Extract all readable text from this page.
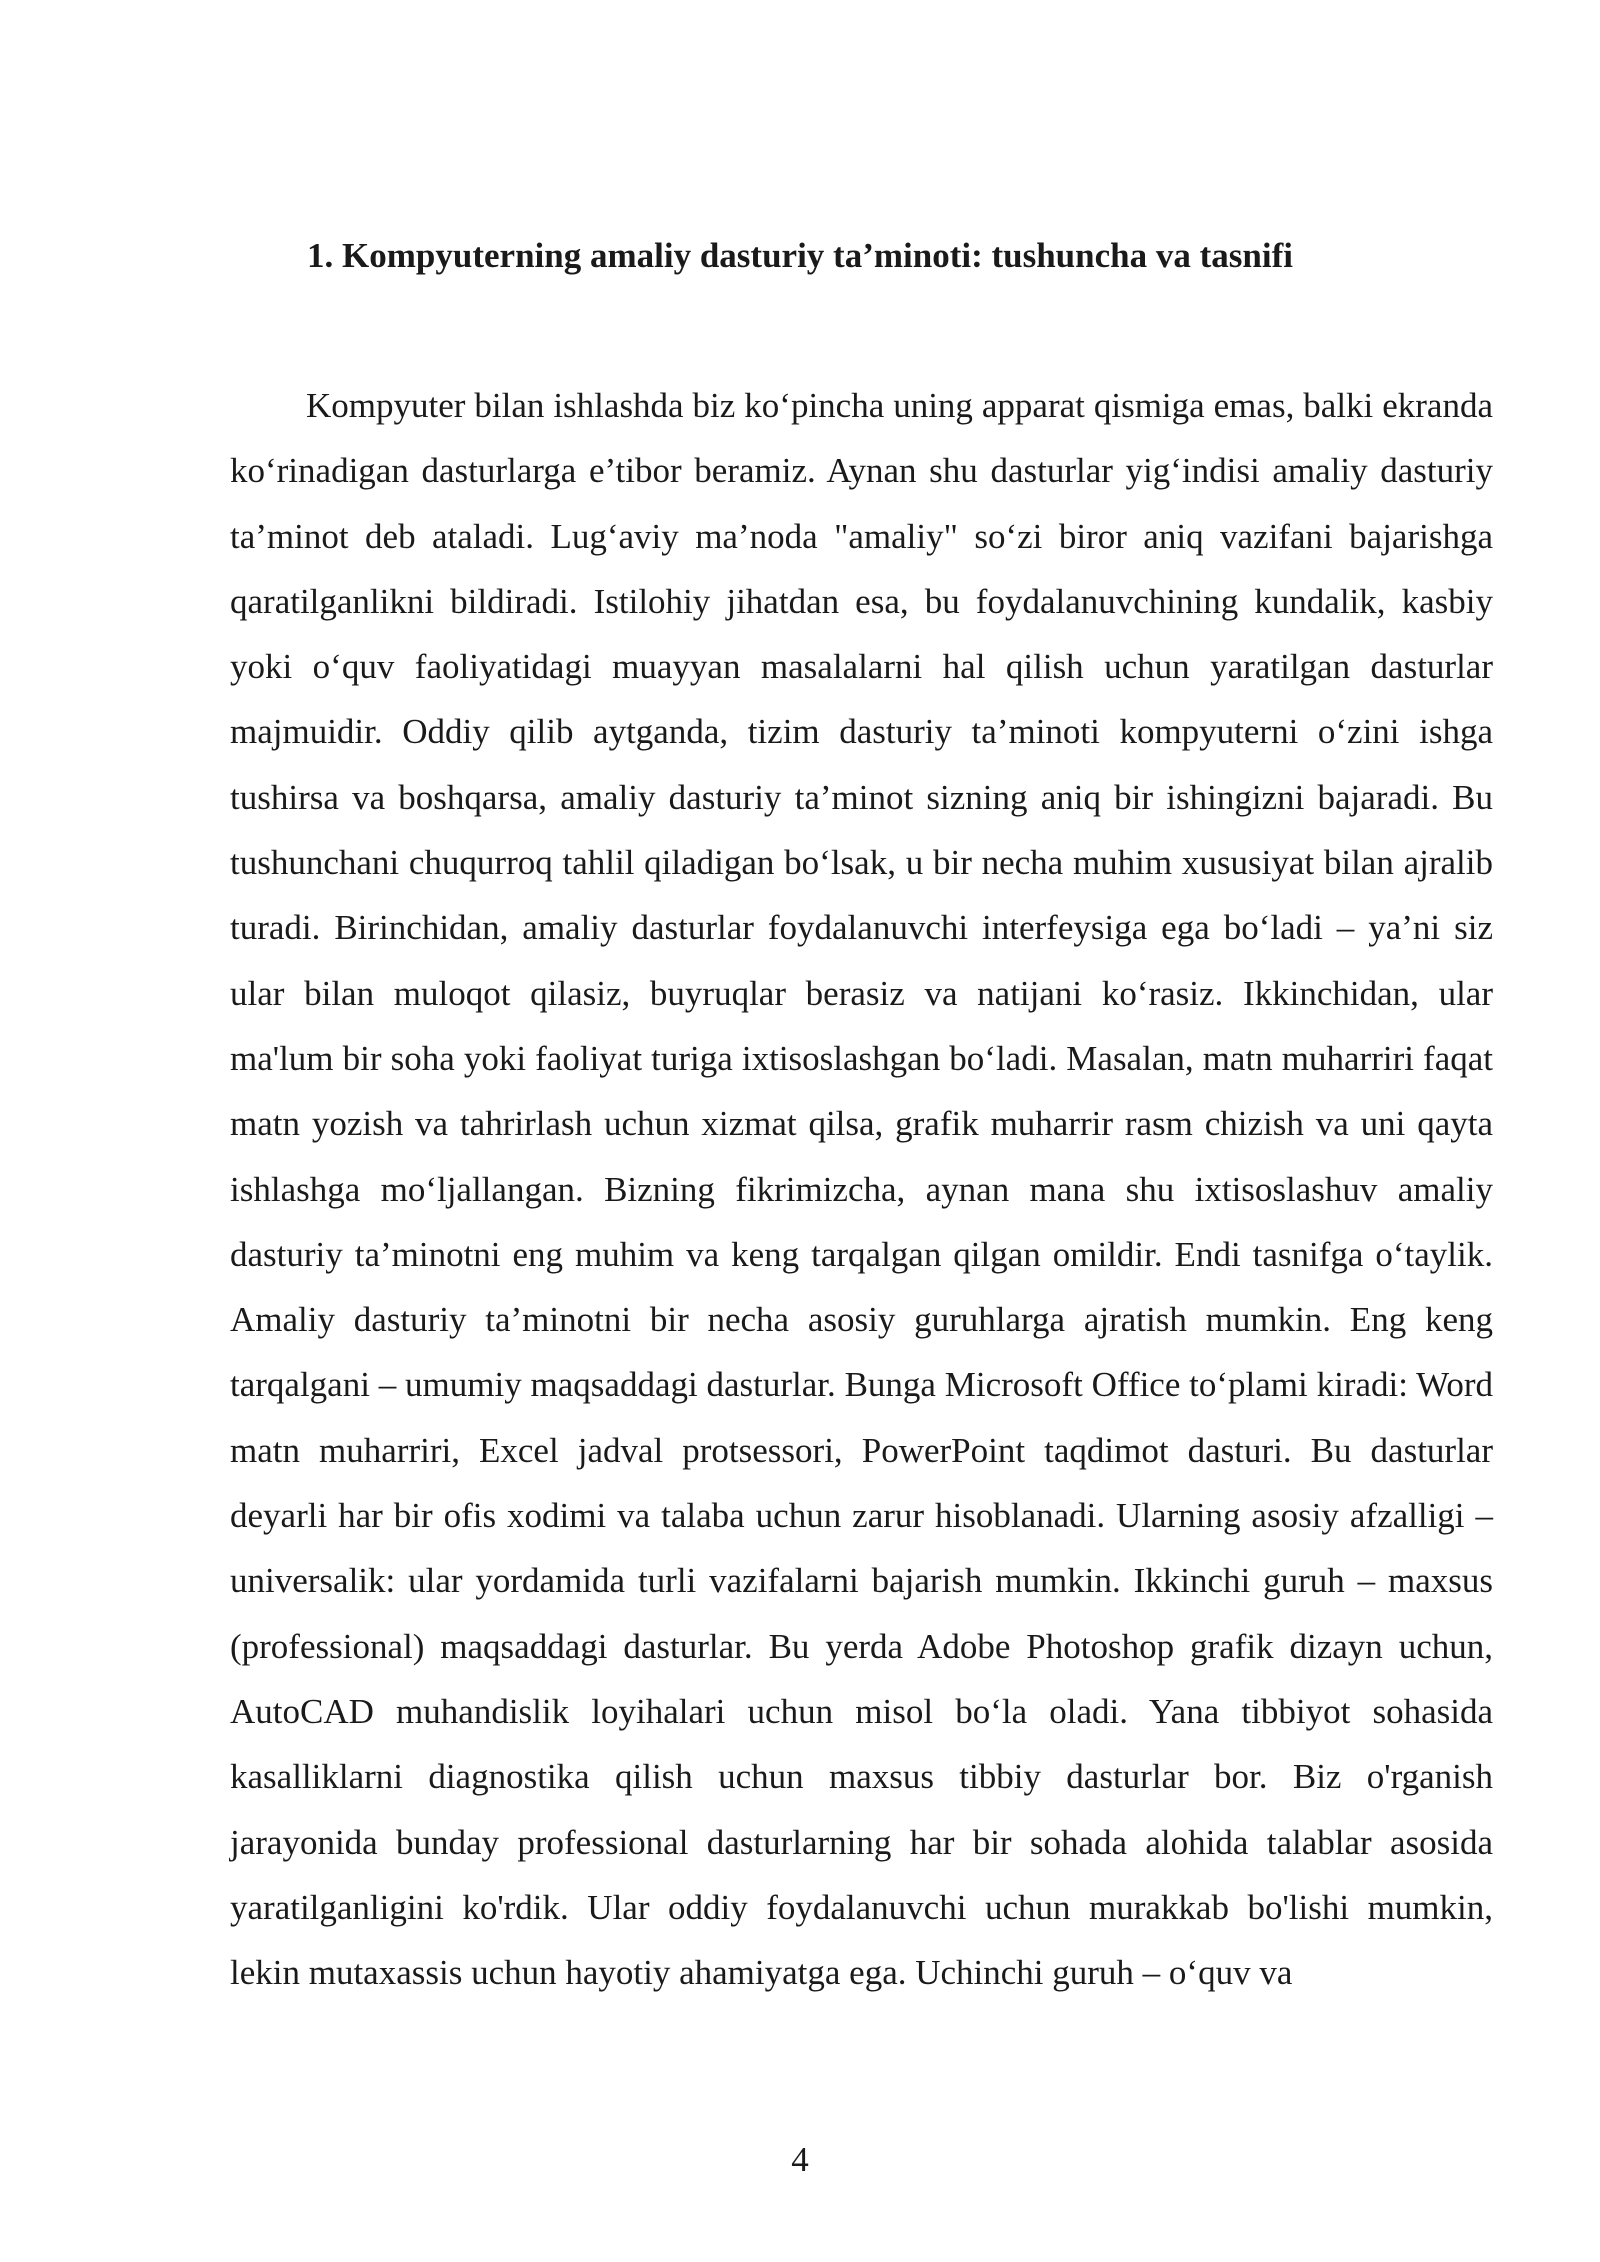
1. Kompyuterning amaliy dasturiy ta’minoti: tushuncha va tasnifi

Kompyuter bilan ishlashda biz ko‘pincha uning apparat qismiga emas, balki ekranda ko‘rinadigan dasturlarga e’tibor beramiz. Aynan shu dasturlar yig‘indisi amaliy dasturiy ta’minot deb ataladi. Lug‘aviy ma’noda "amaliy" so‘zi biror aniq vazifani bajarishga qaratilganlikni bildiradi. Istilohiy jihatdan esa, bu foydalanuvchining kundalik, kasbiy yoki o‘quv faoliyatidagi muayyan masalalarni hal qilish uchun yaratilgan dasturlar majmuidir. Oddiy qilib aytganda, tizim dasturiy ta’minoti kompyuterni o‘zini ishga tushirsa va boshqarsa, amaliy dasturiy ta’minot sizning aniq bir ishingizni bajaradi. Bu tushunchani chuqurroq tahlil qiladigan bo‘lsak, u bir necha muhim xususiyat bilan ajralib turadi. Birinchidan, amaliy dasturlar foydalanuvchi interfeysiga ega bo‘ladi – ya’ni siz ular bilan muloqot qilasiz, buyruqlar berasiz va natijani ko‘rasiz. Ikkinchidan, ular ma'lum bir soha yoki faoliyat turiga ixtisoslashgan bo‘ladi. Masalan, matn muharriri faqat matn yozish va tahrirlash uchun xizmat qilsa, grafik muharrir rasm chizish va uni qayta ishlashga mo‘ljallangan. Bizning fikrimizcha, aynan mana shu ixtisoslashuv amaliy dasturiy ta’minotni eng muhim va keng tarqalgan qilgan omildir. Endi tasnifga o‘taylik. Amaliy dasturiy ta’minotni bir necha asosiy guruhlarga ajratish mumkin. Eng keng tarqalgani – umumiy maqsaddagi dasturlar. Bunga Microsoft Office to‘plami kiradi: Word matn muharriri, Excel jadval protsessori, PowerPoint taqdimot dasturi. Bu dasturlar deyarli har bir ofis xodimi va talaba uchun zarur hisoblanadi. Ularning asosiy afzalligi – universalik: ular yordamida turli vazifalarni bajarish mumkin. Ikkinchi guruh – maxsus (professional) maqsaddagi dasturlar. Bu yerda Adobe Photoshop grafik dizayn uchun, AutoCAD muhandislik loyihalari uchun misol bo‘la oladi. Yana tibbiyot sohasida kasalliklarni diagnostika qilish uchun maxsus tibbiy dasturlar bor. Biz o'rganish jarayonida bunday professional dasturlarning har bir sohada alohida talablar asosida yaratilganligini ko'rdik. Ular oddiy foydalanuvchi uchun murakkab bo'lishi mumkin, lekin mutaxassis uchun hayotiy ahamiyatga ega. Uchinchi guruh – o‘quv va

4
